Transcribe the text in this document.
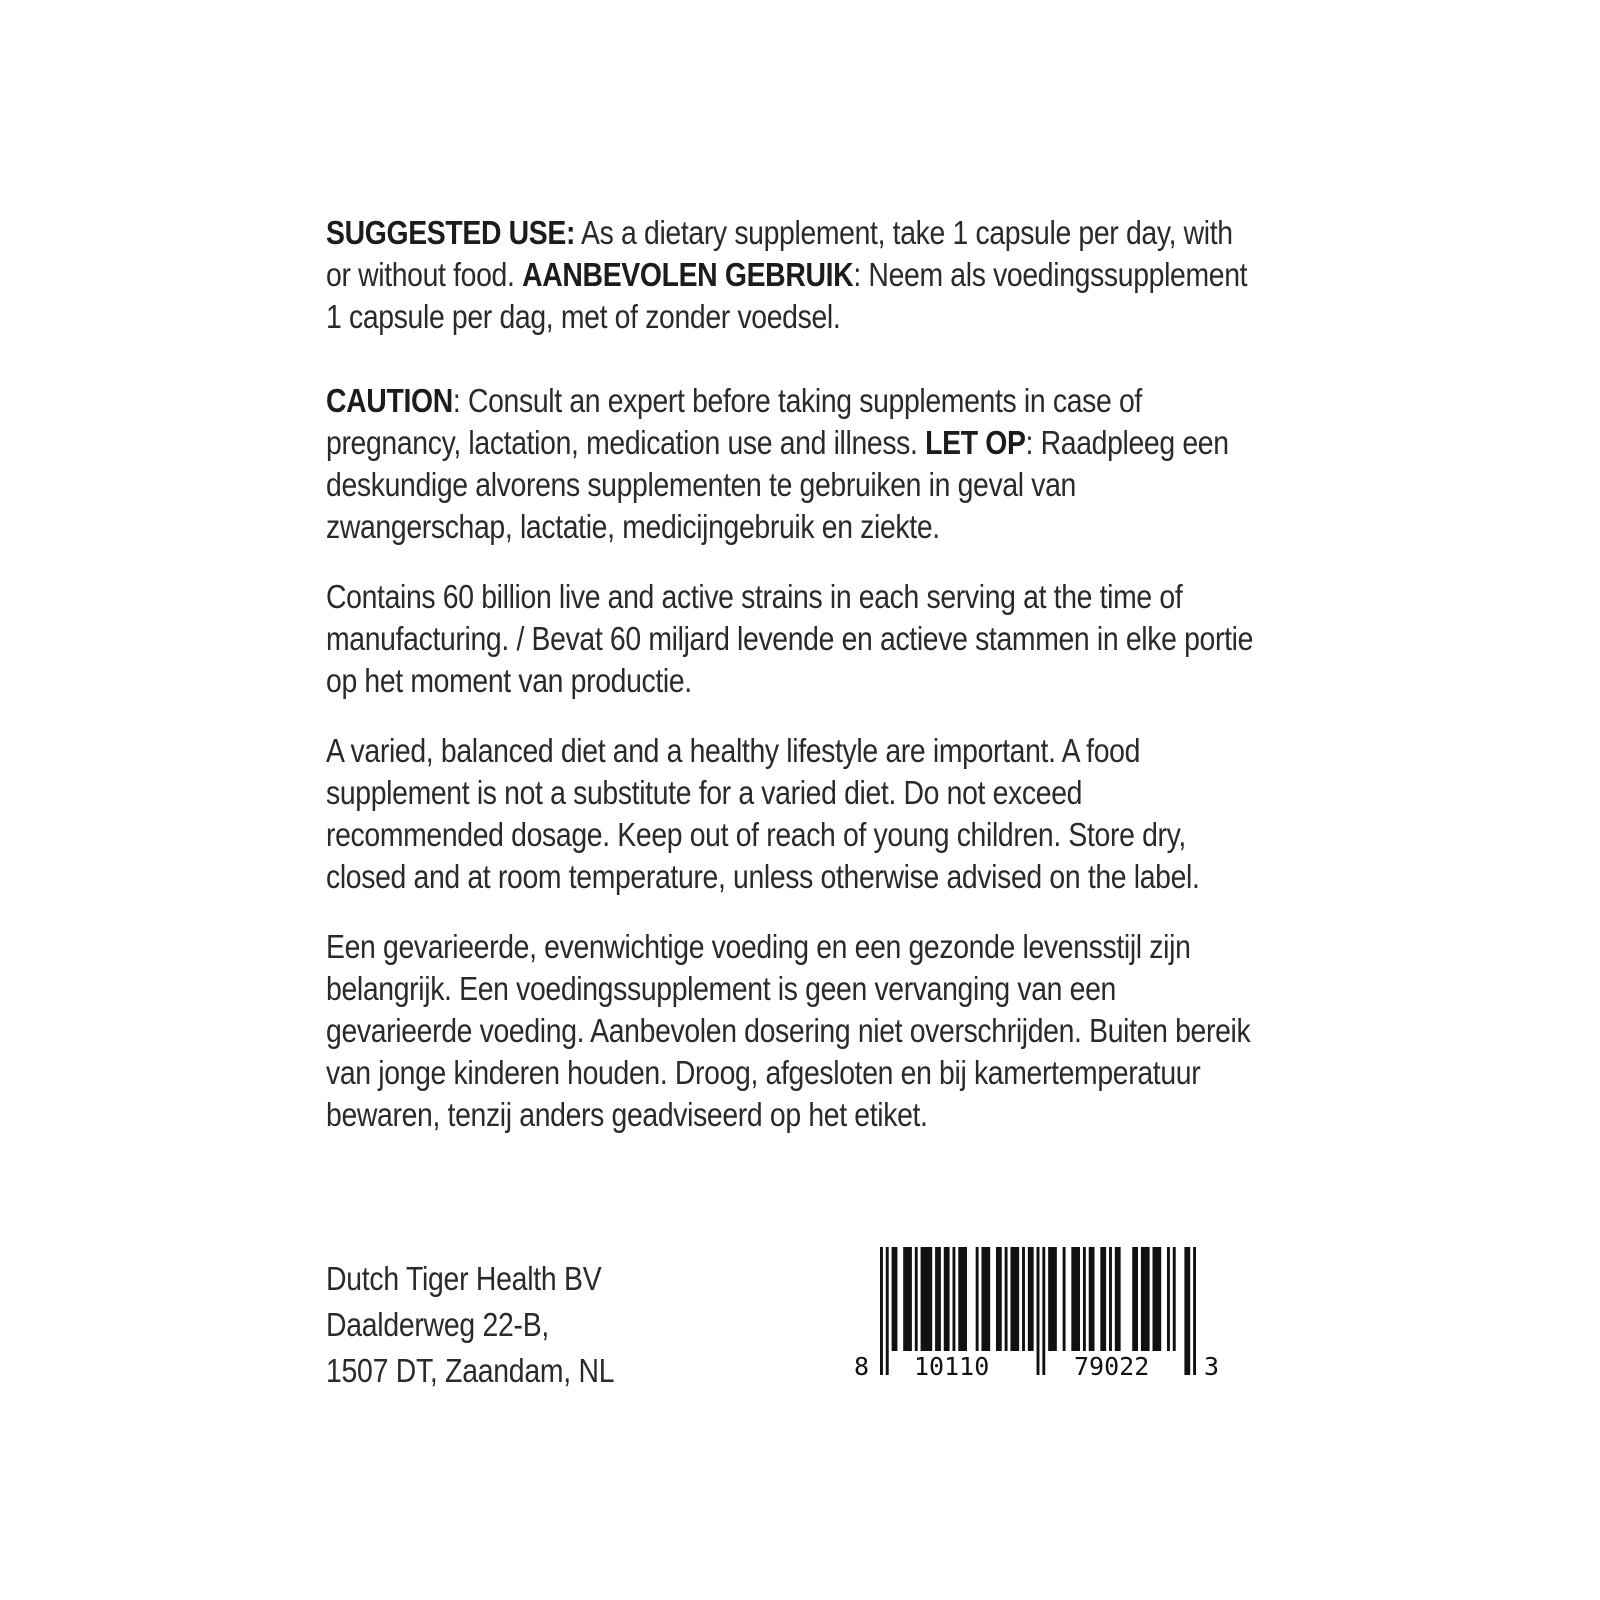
SUGGESTED USE: As a dietary supplement, take 1 capsule per day, with or without food. AANBEVOLEN GEBRUIK: Neem als voedingssupplement 1 capsule per dag, met of zonder voedsel.

CAUTION: Consult an expert before taking supplements in case of pregnancy, lactation, medication use and illness. LET OP: Raadpleeg een deskundige alvorens supplementen te gebruiken in geval van zwangerschap, lactatie, medicijngebruik en ziekte.

Contains 60 billion live and active strains in each serving at the time of manufacturing. / Bevat 60 miljard levende en actieve stammen in elke portie op het moment van productie.

A varied, balanced diet and a healthy lifestyle are important. A food supplement is not a substitute for a varied diet. Do not exceed recommended dosage. Keep out of reach of young children. Store dry, closed and at room temperature, unless otherwise advised on the label.

Een gevarieerde, evenwichtige voeding en een gezonde levensstijl zijn belangrijk. Een voedingssupplement is geen vervanging van een gevarieerde voeding. Aanbevolen dosering niet overschrijden. Buiten bereik van jonge kinderen houden. Droog, afgesloten en bij kamertemperatuur bewaren, tenzij anders geadviseerd op het etiket.

Dutch Tiger Health BV
Daalderweg 22-B,
1507 DT, Zaandam, NL	8 10110	79022 3
